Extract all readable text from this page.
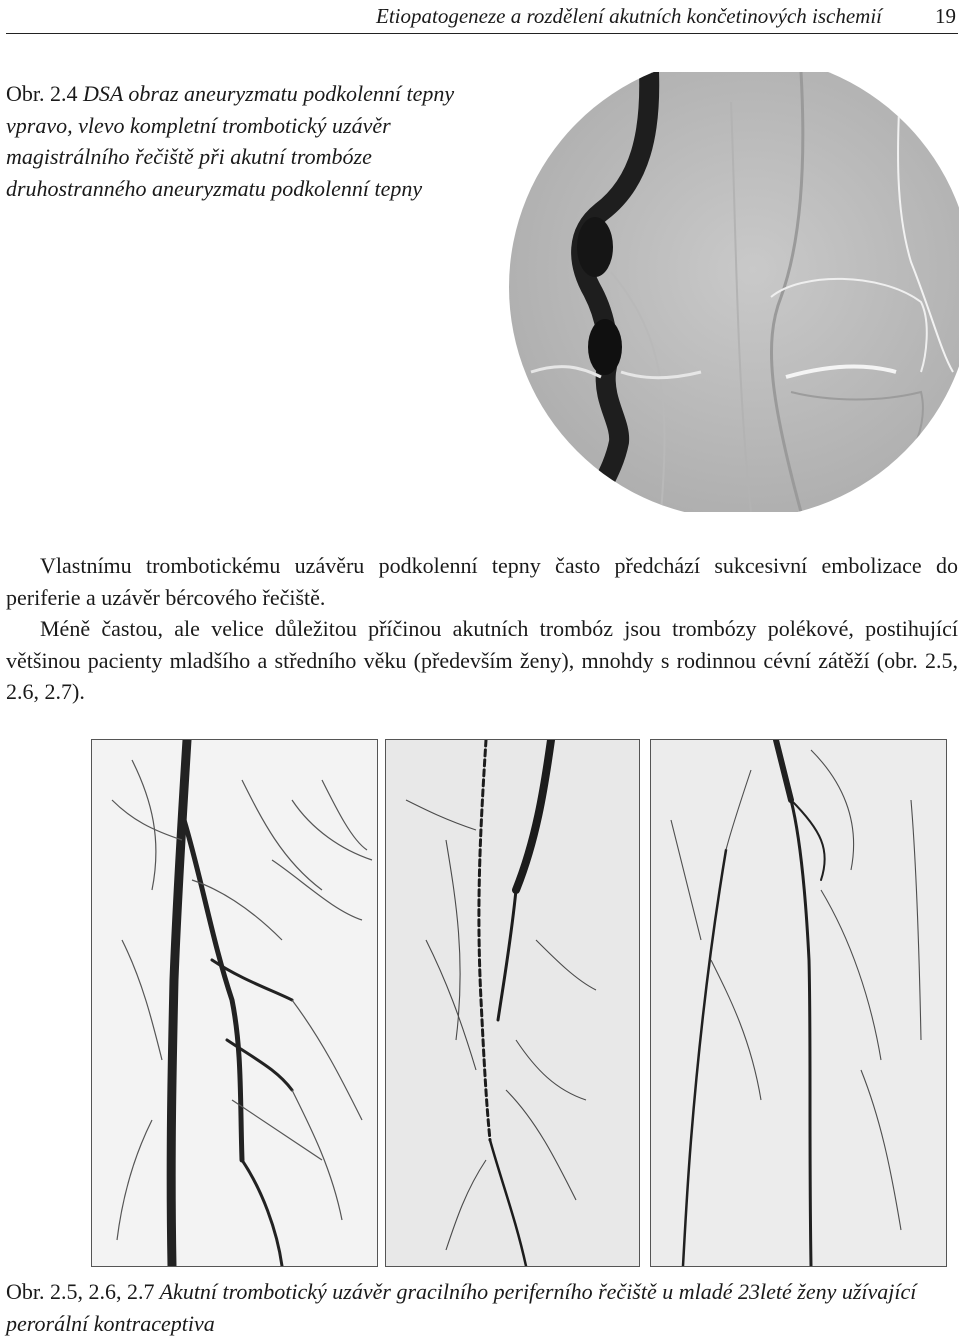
Etiopatogeneze a rozdělení akutních končetinových ischemií	19
Obr. 2.4 DSA obraz aneuryzmatu podkolenní tepny vpravo, vlevo kompletní trombotický uzávěr magistrálního řečiště při akutní trombóze druhostranného aneuryzmatu podkolenní tepny

Vlastnímu trombotickému uzávěru podkolenní tepny často předchází sukcesivní embolizace do periferie a uzávěr bércového řečiště.

Méně častou, ale velice důležitou příčinou akutních trombóz jsou trombózy polékové, postihující většinou pacienty mladšího a středního věku (především ženy), mnohdy s rodinnou cévní zátěží (obr. 2.5, 2.6, 2.7).

Obr. 2.5, 2.6, 2.7 Akutní trombotický uzávěr gracilního periferního řečiště u mladé 23leté ženy užívající perorální kontraceptiva
